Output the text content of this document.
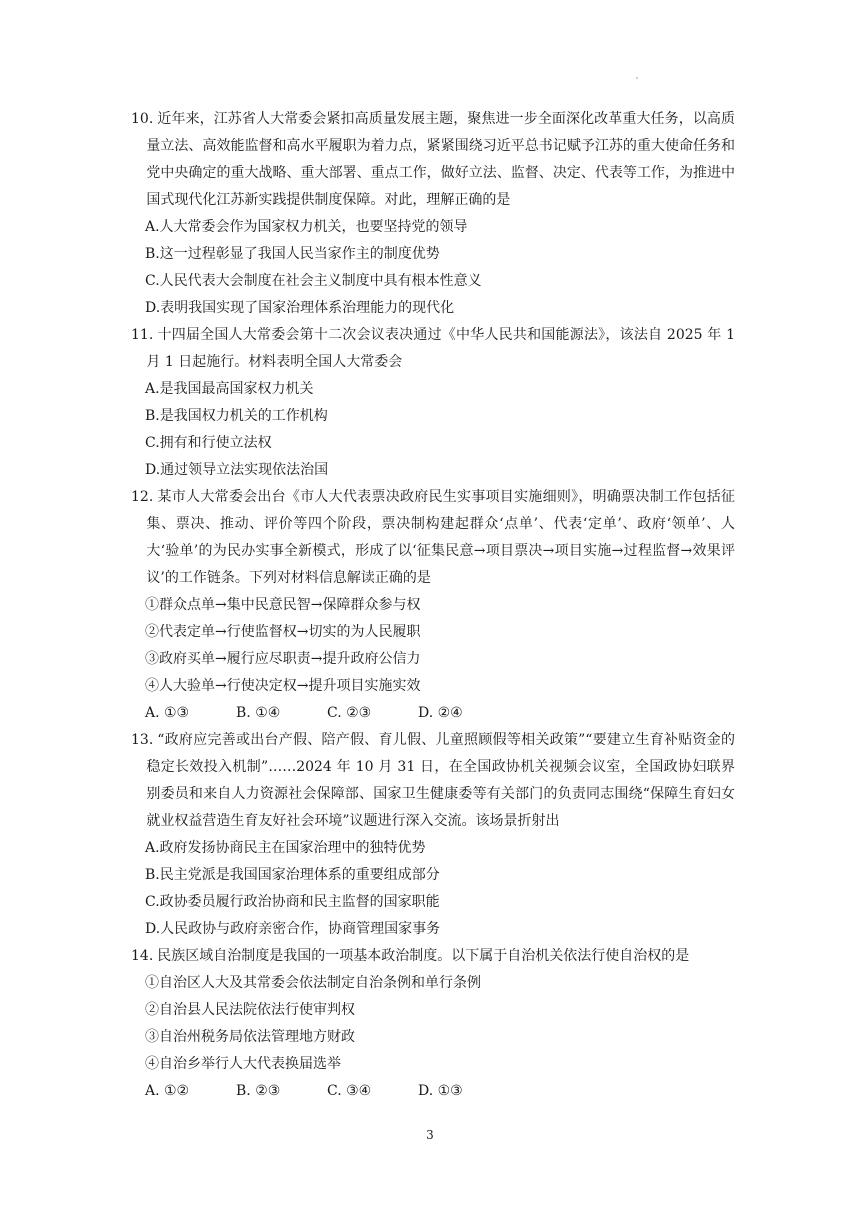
10. 近年来，江苏省人大常委会紧扣高质量发展主题，聚焦进一步全面深化改革重大任务，以高质量立法、高效能监督和高水平履职为着力点，紧紧围绕习近平总书记赋予江苏的重大使命任务和党中央确定的重大战略、重大部署、重点工作，做好立法、监督、决定、代表等工作，为推进中国式现代化江苏新实践提供制度保障。对此，理解正确的是

A.人大常委会作为国家权力机关，也要坚持党的领导

B.这一过程彰显了我国人民当家作主的制度优势

C.人民代表大会制度在社会主义制度中具有根本性意义

D.表明我国实现了国家治理体系治理能力的现代化

11. 十四届全国人大常委会第十二次会议表决通过《中华人民共和国能源法》，该法自 2025 年 1 月 1 日起施行。材料表明全国人大常委会

A.是我国最高国家权力机关

B.是我国权力机关的工作机构

C.拥有和行使立法权

D.通过领导立法实现依法治国

12. 某市人大常委会出台《市人大代表票决政府民生实事项目实施细则》，明确票决制工作包括征集、票决、推动、评价等四个阶段，票决制构建起群众‘点单’、代表‘定单’、政府‘领单’、人大‘验单’的为民办实事全新模式，形成了以‘征集民意→项目票决→项目实施→过程监督→效果评议’的工作链条。下列对材料信息解读正确的是

①群众点单→集中民意民智→保障群众参与权

②代表定单→行使监督权→切实的为人民履职

③政府买单→履行应尽职责→提升政府公信力

④人大验单→行使决定权→提升项目实施实效

A. ①③	B. ①④	C. ②③	D. ②④

13. “政府应完善或出台产假、陪产假、育儿假、儿童照顾假等相关政策”“要建立生育补贴资金的稳定长效投入机制”……2024 年 10 月 31 日，在全国政协机关视频会议室，全国政协妇联界别委员和来自人力资源社会保障部、国家卫生健康委等有关部门的负责同志围绕“保障生育妇女就业权益营造生育友好社会环境”议题进行深入交流。该场景折射出

A.政府发扬协商民主在国家治理中的独特优势

B.民主党派是我国国家治理体系的重要组成部分

C.政协委员履行政治协商和民主监督的国家职能

D.人民政协与政府亲密合作，协商管理国家事务

14. 民族区域自治制度是我国的一项基本政治制度。以下属于自治机关依法行使自治权的是

①自治区人大及其常委会依法制定自治条例和单行条例

②自治县人民法院依法行使审判权

③自治州税务局依法管理地方财政

④自治乡举行人大代表换届选举

A. ①②	B. ②③	C. ③④	D. ①③

3
